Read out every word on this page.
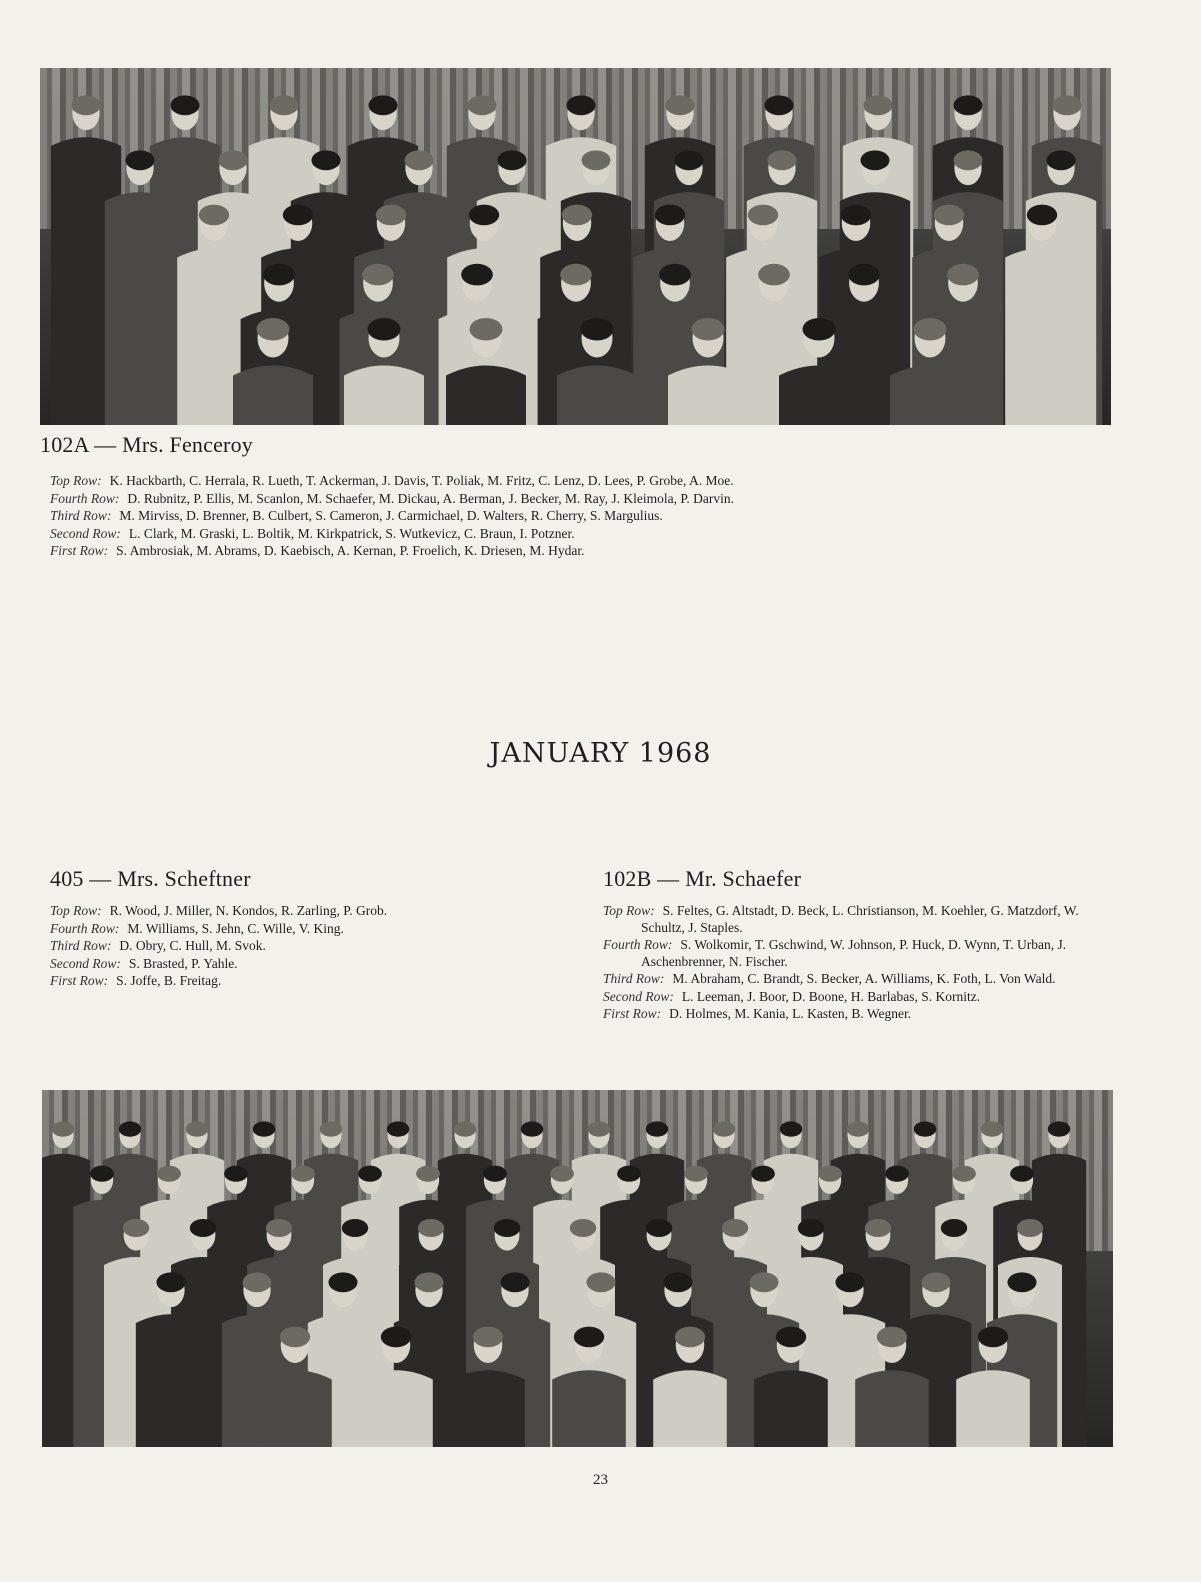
102A — Mrs. Fenceroy

Top Row: K. Hackbarth, C. Herrala, R. Lueth, T. Ackerman, J. Davis, T. Poliak, M. Fritz, C. Lenz, D. Lees, P. Grobe, A. Moe.

Fourth Row: D. Rubnitz, P. Ellis, M. Scanlon, M. Schaefer, M. Dickau, A. Berman, J. Becker, M. Ray, J. Kleimola, P. Darvin.

Third Row: M. Mirviss, D. Brenner, B. Culbert, S. Cameron, J. Carmichael, D. Walters, R. Cherry, S. Margulius.

Second Row: L. Clark, M. Graski, L. Boltik, M. Kirkpatrick, S. Wutkevicz, C. Braun, I. Potzner.

First Row: S. Ambrosiak, M. Abrams, D. Kaebisch, A. Kernan, P. Froelich, K. Driesen, M. Hydar.

JANUARY 1968
405 — Mrs. Scheftner

Top Row: R. Wood, J. Miller, N. Kondos, R. Zarling, P. Grob.

Fourth Row: M. Williams, S. Jehn, C. Wille, V. King.

Third Row: D. Obry, C. Hull, M. Svok.

Second Row: S. Brasted, P. Yahle.

First Row: S. Joffe, B. Freitag.

102B — Mr. Schaefer

Top Row: S. Feltes, G. Altstadt, D. Beck, L. Christianson, M. Koehler, G. Matzdorf, W. Schultz, J. Staples.

Fourth Row: S. Wolkomir, T. Gschwind, W. Johnson, P. Huck, D. Wynn, T. Urban, J. Aschenbrenner, N. Fischer.

Third Row: M. Abraham, C. Brandt, S. Becker, A. Williams, K. Foth, L. Von Wald.

Second Row: L. Leeman, J. Boor, D. Boone, H. Barlabas, S. Kornitz.

First Row: D. Holmes, M. Kania, L. Kasten, B. Wegner.

23
